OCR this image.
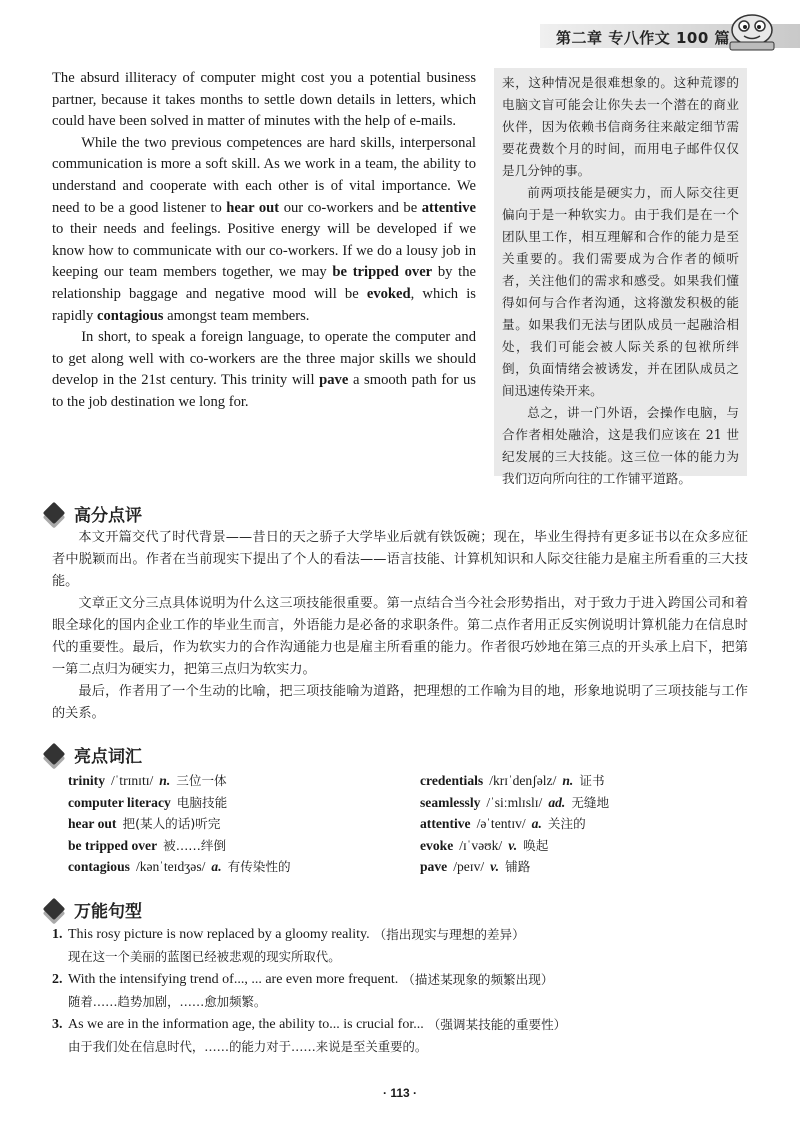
第二章 专八作文 100 篇

The absurd illiteracy of computer might cost you a potential business partner, because it takes months to settle down details in letters, which could have been solved in matter of minutes with the help of e-mails.

While the two previous competences are hard skills, interpersonal communication is more a soft skill. As we work in a team, the ability to understand and cooperate with each other is of vital importance. We need to be a good listener to hear out our co-workers and be attentive to their needs and feelings. Positive energy will be developed if we know how to communicate with our co-workers. If we do a lousy job in keeping our team members together, we may be tripped over by the relationship baggage and negative mood will be evoked, which is rapidly contagious amongst team members.

In short, to speak a foreign language, to operate the computer and to get along well with co-workers are the three major skills we should develop in the 21st century. This trinity will pave a smooth path for us to the job destination we long for.

来，这种情况是很难想象的。这种荒谬的电脑文盲可能会让你失去一个潜在的商业伙伴，因为依赖书信商务往来敲定细节需要花费数个月的时间，而用电子邮件仅仅是几分钟的事。

前两项技能是硬实力，而人际交往更偏向于是一种软实力。由于我们是在一个团队里工作，相互理解和合作的能力是至关重要的。我们需要成为合作者的倾听者，关注他们的需求和感受。如果我们懂得如何与合作者沟通，这将激发积极的能量。如果我们无法与团队成员一起融洽相处，我们可能会被人际关系的包袱所绊倒，负面情绪会被诱发，并在团队成员之间迅速传染开来。

总之，讲一门外语，会操作电脑，与合作者相处融洽，这是我们应该在 21 世纪发展的三大技能。这三位一体的能力为我们迈向所向往的工作铺平道路。

高分点评

本文开篇交代了时代背景——昔日的天之骄子大学毕业后就有铁饭碗；现在，毕业生得持有更多证书以在众多应征者中脱颖而出。作者在当前现实下提出了个人的看法——语言技能、计算机知识和人际交往能力是雇主所看重的三大技能。

文章正文分三点具体说明为什么这三项技能很重要。第一点结合当今社会形势指出，对于致力于进入跨国公司和着眼全球化的国内企业工作的毕业生而言，外语能力是必备的求职条件。第二点作者用正反实例说明计算机能力在信息时代的重要性。最后，作为软实力的合作沟通能力也是雇主所看重的能力。作者很巧妙地在第三点的开头承上启下，把第一第二点归为硬实力，把第三点归为软实力。

最后，作者用了一个生动的比喻，把三项技能喻为道路，把理想的工作喻为目的地，形象地说明了三项技能与工作的关系。

亮点词汇
trinity /ˈtrɪnɪtɪ/ n. 三位一体
computer literacy 电脑技能
hear out 把(某人的话)听完
be tripped over 被……绊倒
contagious /kənˈteɪdʒəs/ a. 有传染性的
credentials /krɪˈdenʃəlz/ n. 证书
seamlessly /ˈsiːmlɪslɪ/ ad. 无缝地
attentive /əˈtentɪv/ a. 关注的
evoke /ɪˈvəʊk/ v. 唤起
pave /peɪv/ v. 铺路
万能句型
1. This rosy picture is now replaced by a gloomy reality. （指出现实与理想的差异）
现在这一个美丽的蓝图已经被悲观的现实所取代。
2. With the intensifying trend of..., ... are even more frequent. （描述某现象的频繁出现）
随着……趋势加剧，……愈加频繁。
3. As we are in the information age, the ability to... is crucial for... （强调某技能的重要性）
由于我们处在信息时代，……的能力对于……来说是至关重要的。
· 113 ·
